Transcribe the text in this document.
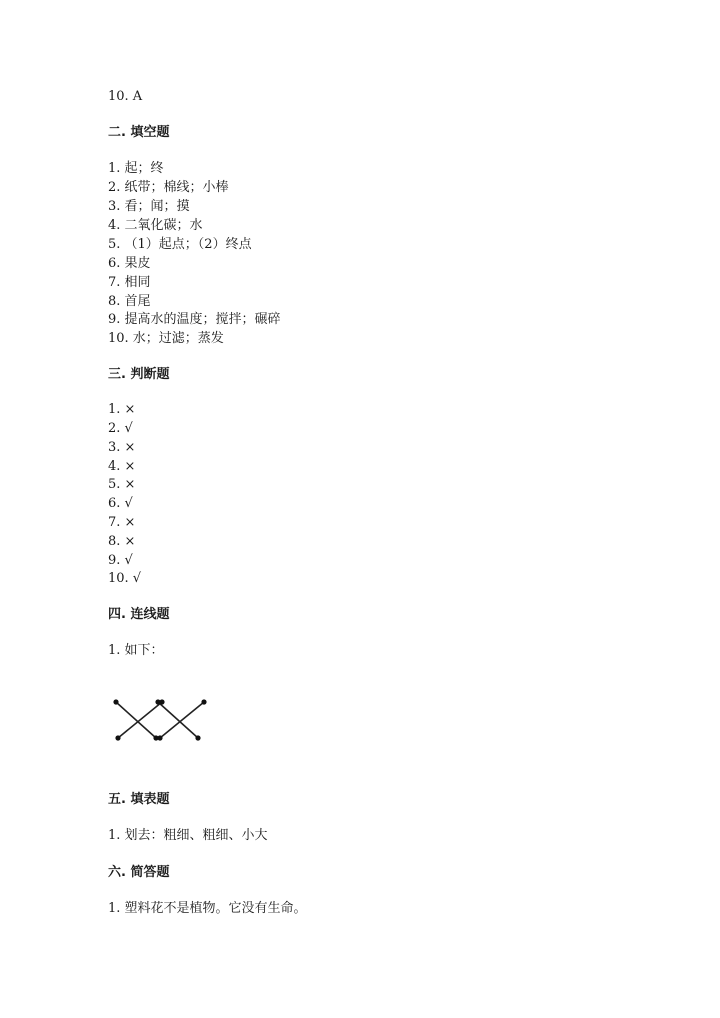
10. A
二. 填空题
1. 起；终
2. 纸带；棉线；小棒
3. 看；闻；摸
4. 二氧化碳；水
5. （1）起点；（2）终点
6. 果皮
7. 相同
8. 首尾
9. 提高水的温度；搅拌；碾碎
10. 水；过滤；蒸发
三. 判断题
1. ×
2. √
3. ×
4. ×
5. ×
6. √
7. ×
8. ×
9. √
10. √
四. 连线题
1. 如下：
五. 填表题
1. 划去：粗细、粗细、小大
六. 简答题
1. 塑料花不是植物。它没有生命。
